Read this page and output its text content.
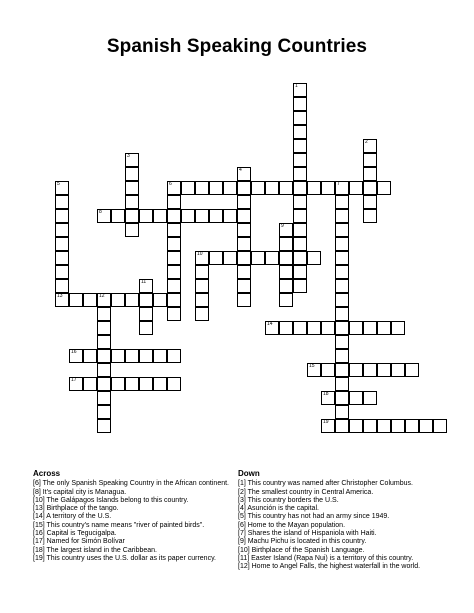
Spanish Speaking Countries
1
2
3
4
5
13
6	7
8
9
10
11
12
14
15
16
17
18
19
Across
[6] The only Spanish Speaking Country in the African continent.
[8] It's capital city is Managua.
[10] The Galápagos Islands belong to this country.
[13] Birthplace of the tango.
[14] A territory of the U.S.
[15] This country's name means "river of painted birds".
[16] Capital is Tegucigalpa.
[17] Named for Simón Bolívar
[18] The largest island in the Caribbean.
[19] This country uses the U.S. dollar as its paper currency.
Down
[1] This country was named after Christopher Columbus.
[2] The smallest country in Central America.
[3] This country borders the U.S.
[4] Asunción is the capital.
[5] This country has not had an army since 1949.
[6] Home to the Mayan population.
[7] Shares the island of Hispaniola with Haiti.
[9] Machu Pichu is located in this country.
[10] Birthplace of the Spanish Language.
[11] Easter Island (Rapa Nui) is a territory of this country.
[12] Home to Angel Falls, the highest waterfall in the world.
